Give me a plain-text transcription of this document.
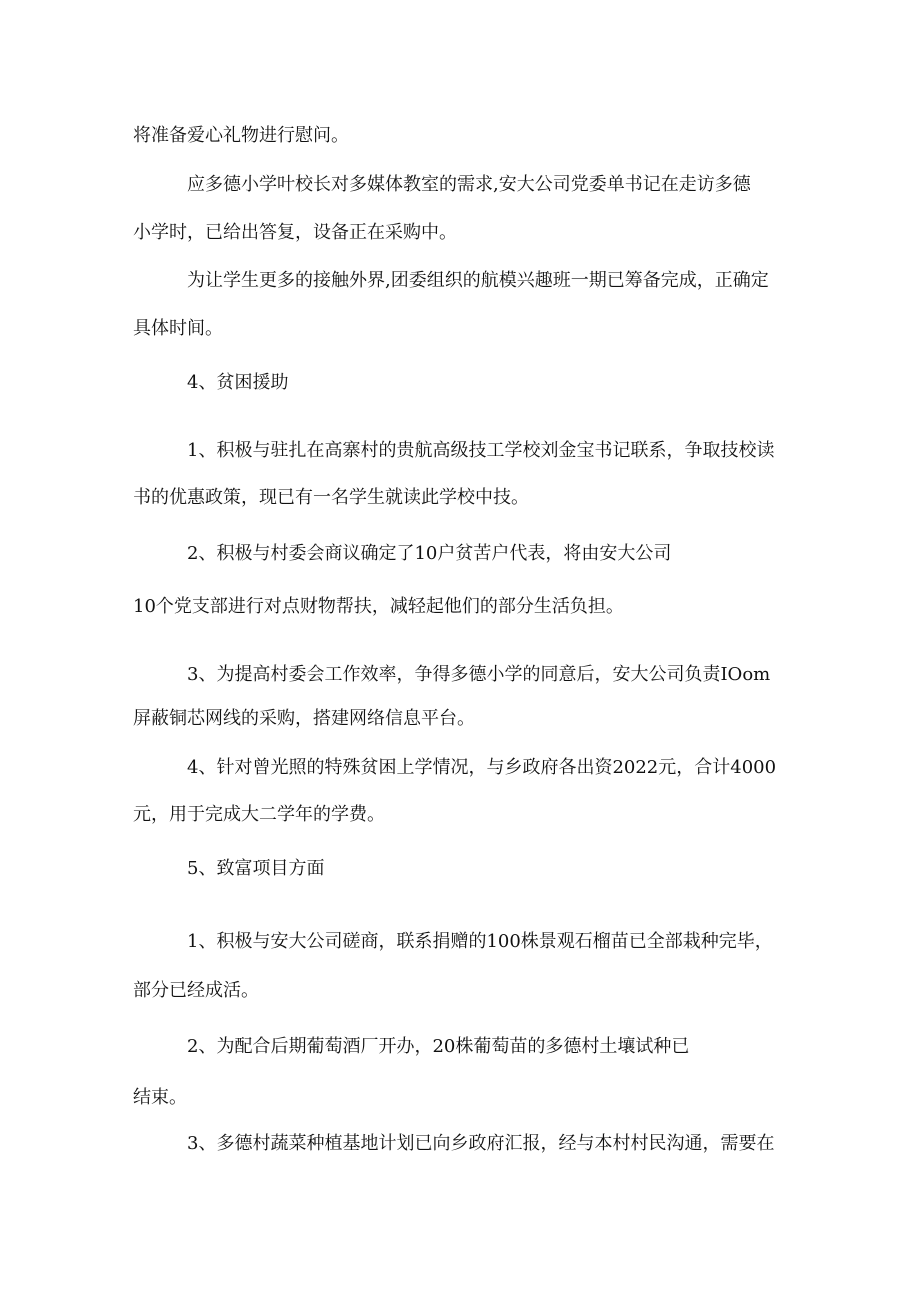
将准备爱心礼物进行慰问。
应多德小学叶校长对多媒体教室的需求,安大公司党委单书记在走访多德
小学时，已给出答复，设备正在采购中。
为让学生更多的接触外界,团委组织的航模兴趣班一期已筹备完成，正确定
具体时间。
4、贫困援助
1、积极与驻扎在高寨村的贵航高级技工学校刘金宝书记联系，争取技校读
书的优惠政策，现已有一名学生就读此学校中技。
2、积极与村委会商议确定了10户贫苦户代表，将由安大公司
10个党支部进行对点财物帮扶，减轻起他们的部分生活负担。
3、为提高村委会工作效率，争得多德小学的同意后，安大公司负责IOom
屏蔽铜芯网线的采购，搭建网络信息平台。
4、针对曾光照的特殊贫困上学情况，与乡政府各出资2022元，合计4000
元，用于完成大二学年的学费。
5、致富项目方面
1、积极与安大公司磋商，联系捐赠的100株景观石榴苗已全部栽种完毕，
部分已经成活。
2、为配合后期葡萄酒厂开办，20株葡萄苗的多德村土壤试种已
结束。
3、多德村蔬菜种植基地计划已向乡政府汇报，经与本村村民沟通，需要在
